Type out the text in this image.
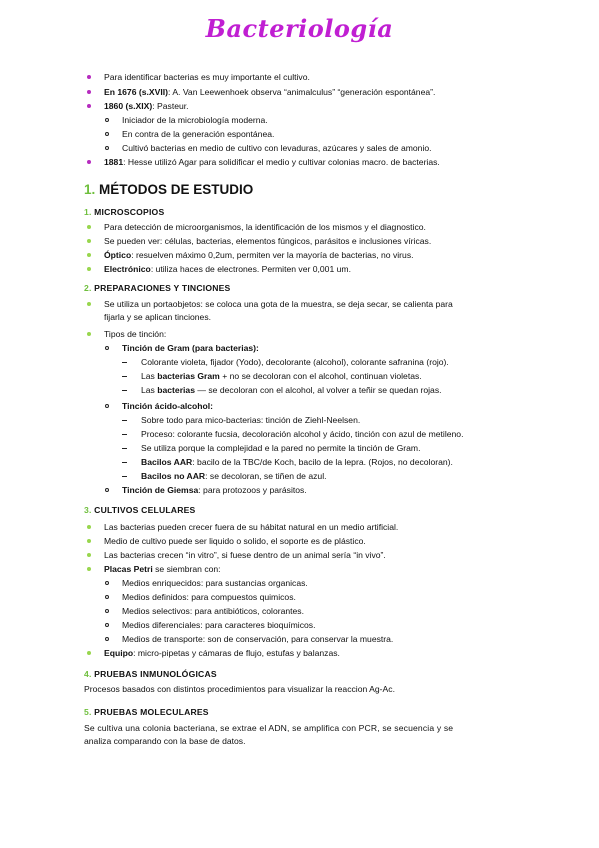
Bacteriología
Para identificar bacterias es muy importante el cultivo.
En 1676 (s.XVII): A. Van Leewenhoek observa “animalculus” “generación espontánea”.
1860 (s.XIX): Pasteur.
Iniciador de la microbiología moderna.
En contra de la generación espontánea.
Cultivó bacterias en medio de cultivo con levaduras, azúcares y sales de amonio.
1881: Hesse utilizó Agar para solidificar el medio y cultivar colonias macro. de bacterias.
1. MÉTODOS DE ESTUDIO
1. MICROSCOPIOS
Para detección de microorganismos, la identificación de los mismos y el diagnostico.
Se pueden ver: células, bacterias, elementos fúngicos, parásitos e inclusiones víricas.
Óptico: resuelven máximo 0,2um, permiten ver la mayoría de bacterias, no virus.
Electrónico: utiliza haces de electrones. Permiten ver 0,001 um.
2. PREPARACIONES Y TINCIONES
Se utiliza un portaobjetos: se coloca una gota de la muestra, se deja secar, se calienta para
fijarla y se aplican tinciones.
Tipos de tinción:
Tinción de Gram (para bacterias):
Colorante violeta, fijador (Yodo), decolorante (alcohol), colorante safranina (rojo).
Las bacterias Gram + no se decoloran con el alcohol, continuan violetas.
Las bacterias — se decoloran con el alcohol, al volver a teñir se quedan rojas.
Tinción ácido-alcohol:
Sobre todo para mico-bacterias: tinción de Ziehl-Neelsen.
Proceso: colorante fucsia, decoloración alcohol y ácido, tinción con azul de metileno.
Se utiliza porque la complejidad e la pared no permite la tinción de Gram.
Bacilos AAR: bacilo de la TBC/de Koch, bacilo de la lepra. (Rojos, no decoloran).
Bacilos no AAR: se decoloran, se tiñen de azul.
Tinción de Giemsa: para protozoos y parásitos.
3. CULTIVOS CELULARES
Las bacterias pueden crecer fuera de su hábitat natural en un medio artificial.
Medio de cultivo puede ser liquido o solido, el soporte es de plástico.
Las bacterias crecen “in vitro”, si fuese dentro de un animal sería “in vivo”.
Placas Petri se siembran con:
Medios enriquecidos: para sustancias organicas.
Medios definidos: para compuestos quimicos.
Medios selectivos: para antibióticos, colorantes.
Medios diferenciales: para caracteres bioquímicos.
Medios de transporte: son de conservación, para conservar la muestra.
Equipo: micro-pipetas y cámaras de flujo, estufas y balanzas.
4. PRUEBAS INMUNOLÓGICAS
Procesos basados con distintos procedimientos para visualizar la reaccion Ag-Ac.
5. PRUEBAS MOLECULARES
Se cultiva una colonia bacteriana, se extrae el ADN, se amplifica con PCR, se secuencia y se
analiza comparando con la base de datos.
